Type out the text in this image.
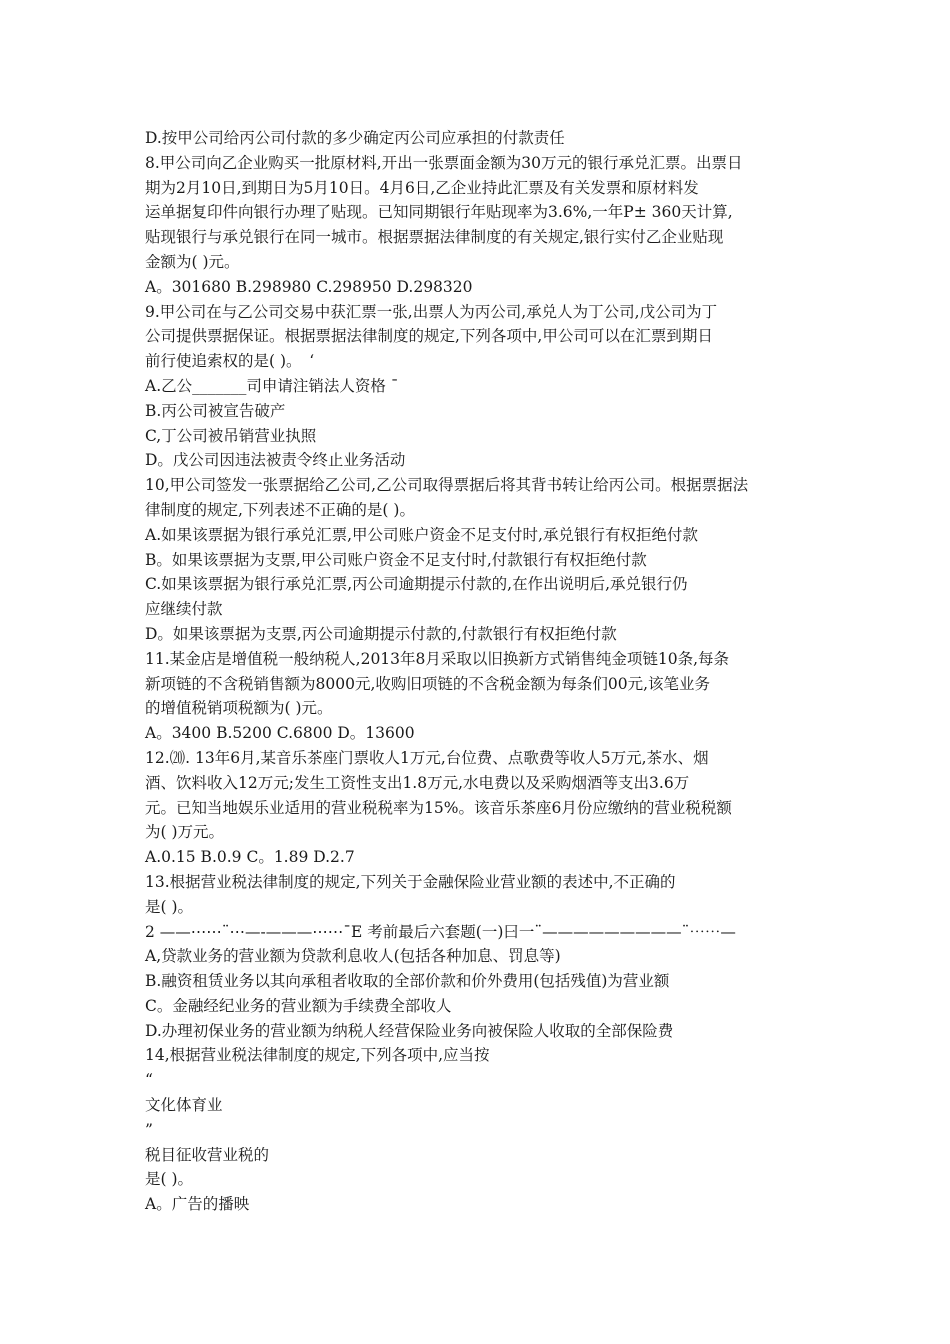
D.按甲公司给丙公司付款的多少确定丙公司应承担的付款责任
8.甲公司向乙企业购买一批原材料,开出一张票面金额为30万元的银行承兑汇票。出票日
期为2月10日,到期日为5月10日。4月6日,乙企业持此汇票及有关发票和原材料发
运单据复印件向银行办理了贴现。已知同期银行年贴现率为3.6%,一年P± 360天计算,
贴现银行与承兑银行在同一城市。根据票据法律制度的有关规定,银行实付乙企业贴现
金额为( )元。
A。301680 B.298980 C.298950 D.298320
9.甲公司在与乙公司交易中获汇票一张,出票人为丙公司,承兑人为丁公司,戊公司为丁
公司提供票据保证。根据票据法律制度的规定,下列各项中,甲公司可以在汇票到期日
前行使追索权的是( )。　‘
A.乙公_______司申请注销法人资格 ¯
B.丙公司被宣告破产
C,丁公司被吊销营业执照
D。戊公司因违法被责令终止业务活动
10,甲公司签发一张票据给乙公司,乙公司取得票据后将其背书转让给丙公司。根据票据法
律制度的规定,下列表述不正确的是( )。
A.如果该票据为银行承兑汇票,甲公司账户资金不足支付时,承兑银行有权拒绝付款
B。如果该票据为支票,甲公司账户资金不足支付时,付款银行有权拒绝付款
C.如果该票据为银行承兑汇票,丙公司逾期提示付款的,在作出说明后,承兑银行仍
应继续付款
D。如果该票据为支票,丙公司逾期提示付款的,付款银行有权拒绝付款
11.某金店是增值税一般纳税人,2013年8月采取以旧换新方式销售纯金项链10条,每条
新项链的不含税销售额为8000元,收购旧项链的不含税金额为每条们00元,该笔业务
的增值税销项税额为( )元。
A。3400 B.5200 C.6800 D。13600
12.⒇. 13年6月,某音乐茶座门票收人1万元,台位费、点歌费等收人5万元,茶水、烟
酒、饮料收入12万元;发生工资性支出1.8万元,水电费以及采购烟酒等支出3.6万
元。已知当地娱乐业适用的营业税税率为15%。该音乐茶座6月份应缴纳的营业税税额
为( )万元。
A.0.15 B.0.9 C。1.89 D.2.7
13.根据营业税法律制度的规定,下列关于金融保险业营业额的表述中,不正确的
是( )。
2 ——⋯⋯¨⋯—-———⋯⋯¯E 考前最后六套题(一)曰一¨—————————¨⋯⋯—
A,贷款业务的营业额为贷款利息收人(包括各种加息、罚息等)
B.融资租赁业务以其向承租者收取的全部价款和价外费用(包括残值)为营业额
C。金融经纪业务的营业额为手续费全部收人
D.办理初保业务的营业额为纳税人经营保险业务向被保险人收取的全部保险费
14,根据营业税法律制度的规定,下列各项中,应当按
“
文化体育业
”
税目征收营业税的
是( )。
A。广告的播映
